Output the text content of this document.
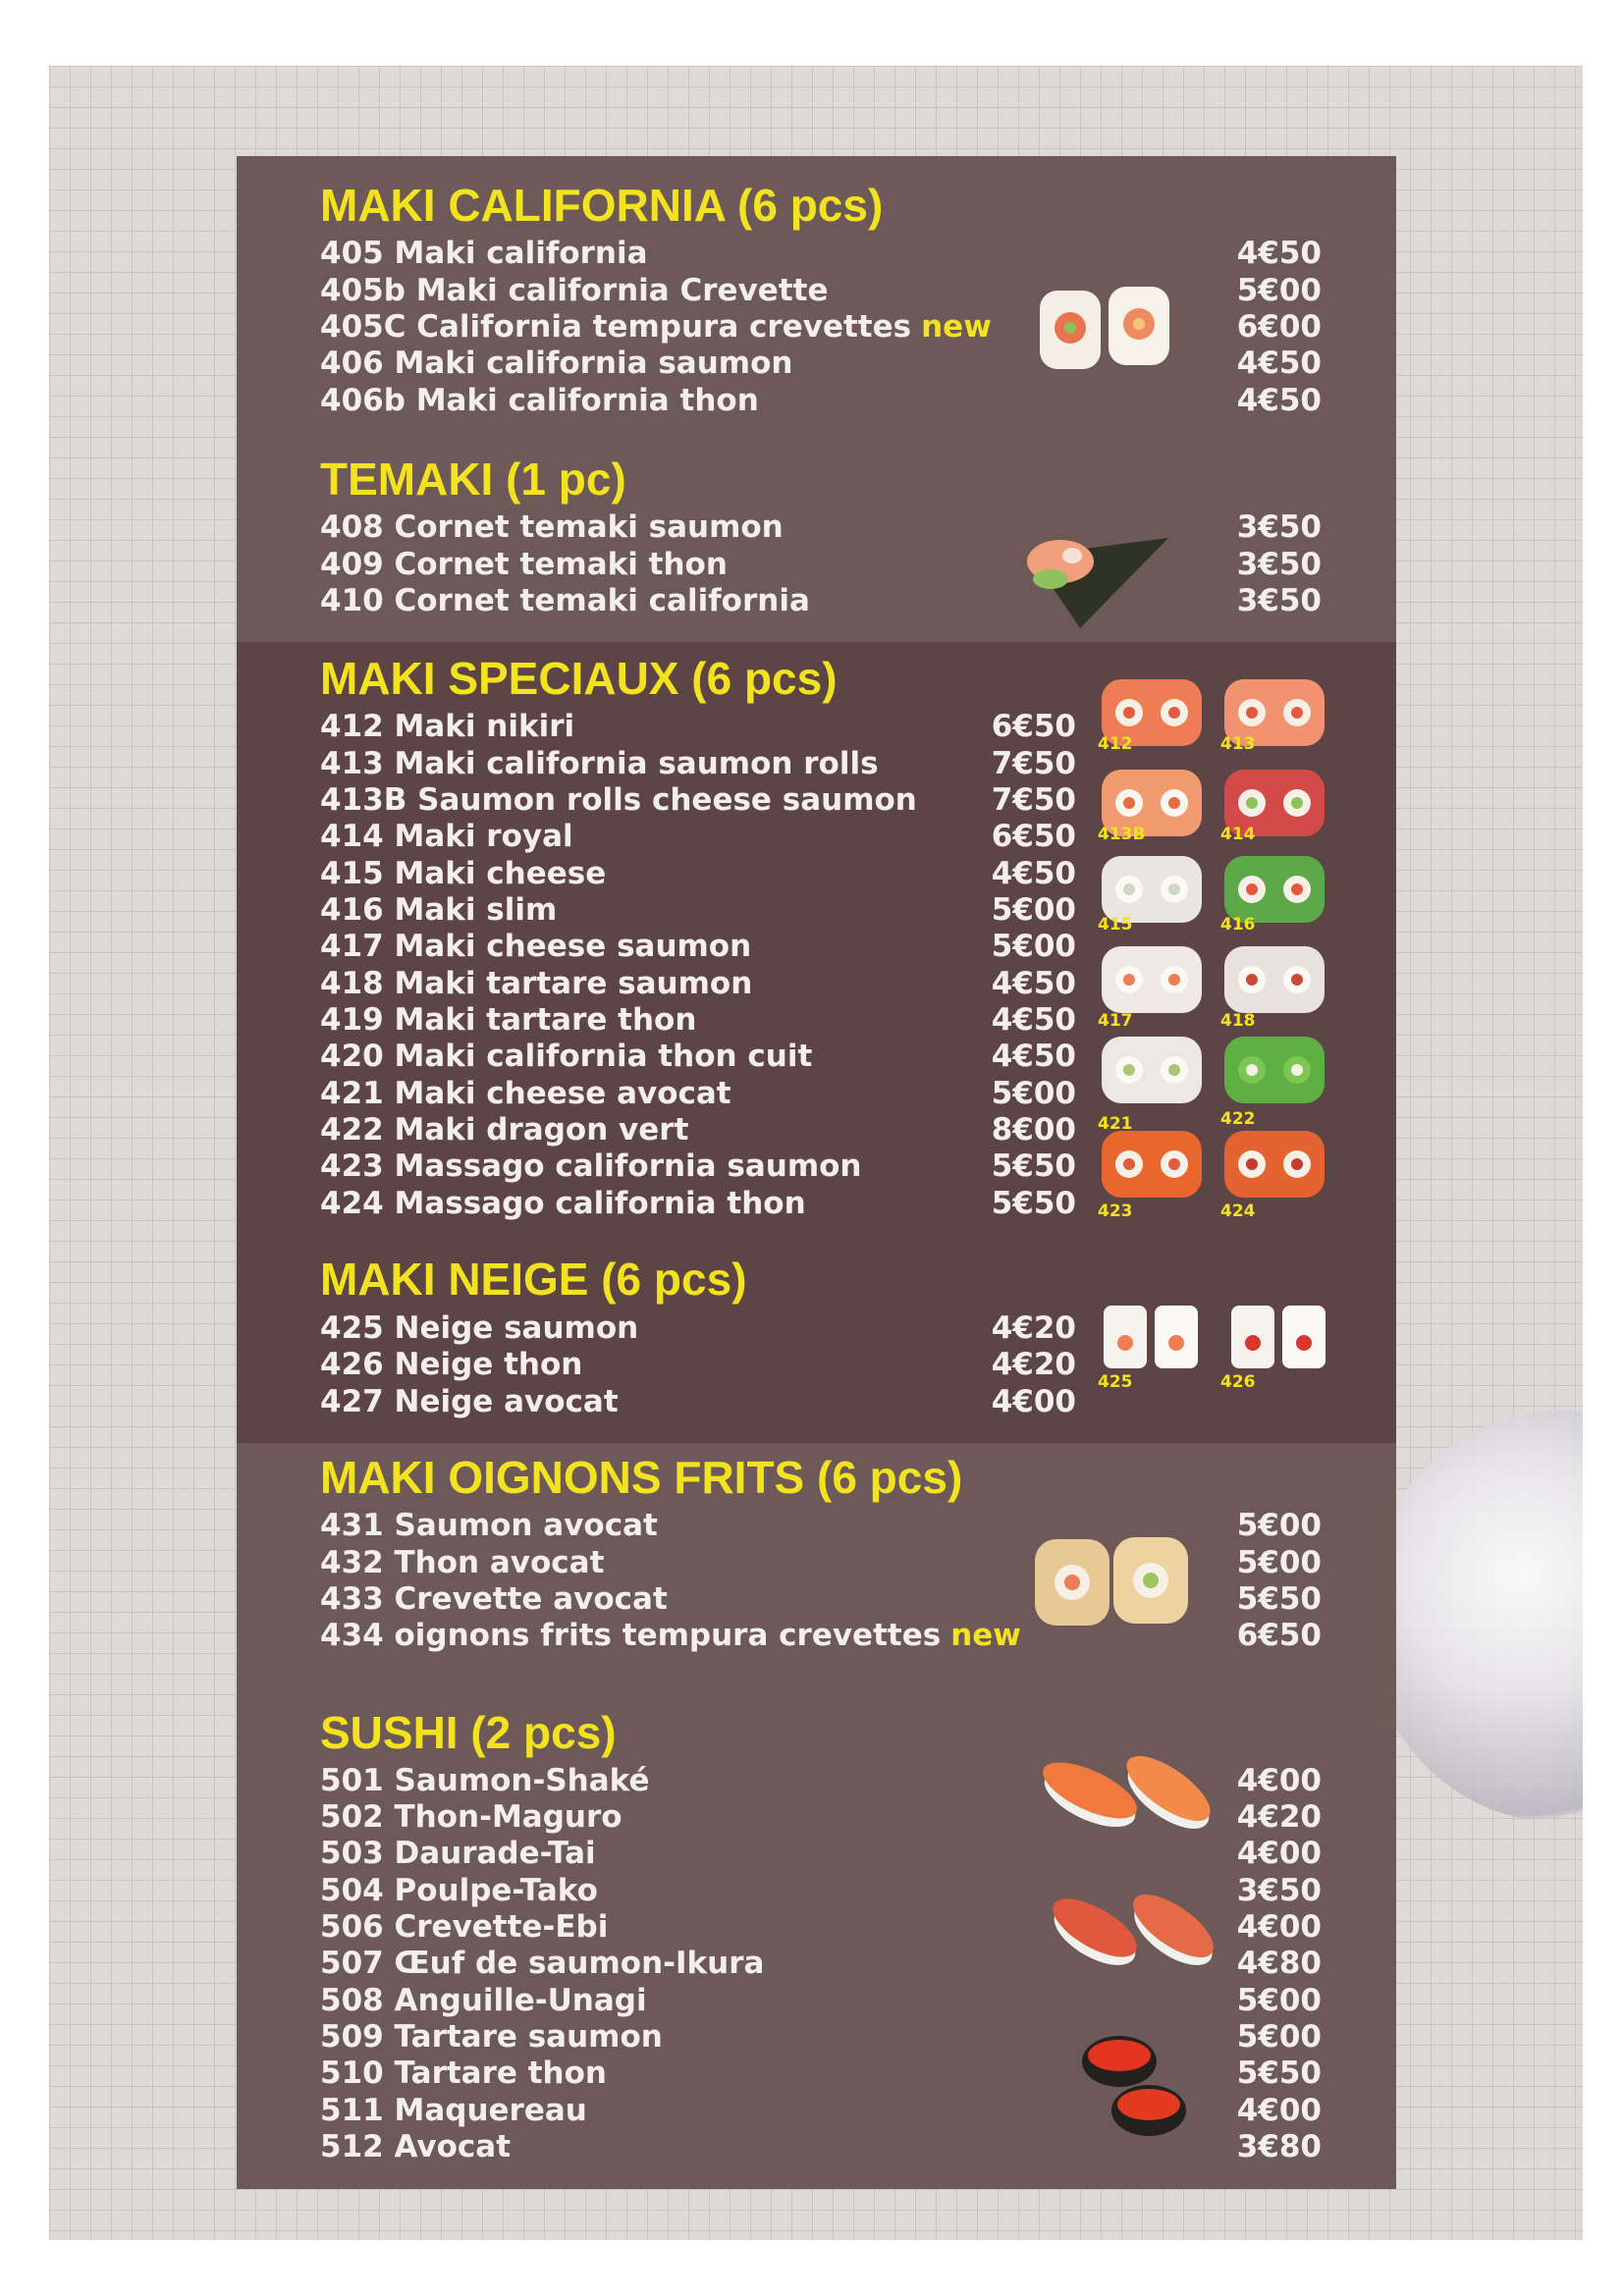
MAKI CALIFORNIA (6 pcs)
405 Maki california	4€50
405b Maki california Crevette	5€00
405C California tempura crevettes new	6€00
406 Maki california saumon	4€50
406b Maki california thon	4€50
TEMAKI (1 pc)
408 Cornet temaki saumon	3€50
409 Cornet temaki thon	3€50
410 Cornet temaki california	3€50
MAKI SPECIAUX (6 pcs)
412 Maki nikiri	6€50
413 Maki california saumon rolls	7€50
413B Saumon rolls cheese saumon 7€50
414 Maki royal	6€50
415 Maki cheese	4€50
416 Maki slim	5€00
417 Maki cheese saumon	5€00
418 Maki tartare saumon	4€50
419 Maki tartare thon	4€50
420 Maki california thon cuit	4€50
421 Maki cheese avocat	5€00
422 Maki dragon vert	8€00
423 Massago california saumon	5€50
424 Massago california thon	5€50
412	413
413B	414
415	416
417	418
421	422
423	424
MAKI NEIGE (6 pcs)
425 Neige saumon	4€20
426 Neige thon	4€20
427 Neige avocat	4€00
425	426
MAKI OIGNONS FRITS (6 pcs)
431 Saumon avocat	5€00
432 Thon avocat	5€00
433 Crevette avocat	5€50
434 oignons frits tempura crevettes new	6€50
SUSHI (2 pcs)
501 Saumon-Shaké	4€00
502 Thon-Maguro	4€20
503 Daurade-Tai	4€00
504 Poulpe-Tako	3€50
506 Crevette-Ebi	4€00
507 Œuf de saumon-Ikura	4€80
508 Anguille-Unagi	5€00
509 Tartare saumon	5€00
510 Tartare thon	5€50
511 Maquereau	4€00
512 Avocat	3€80
